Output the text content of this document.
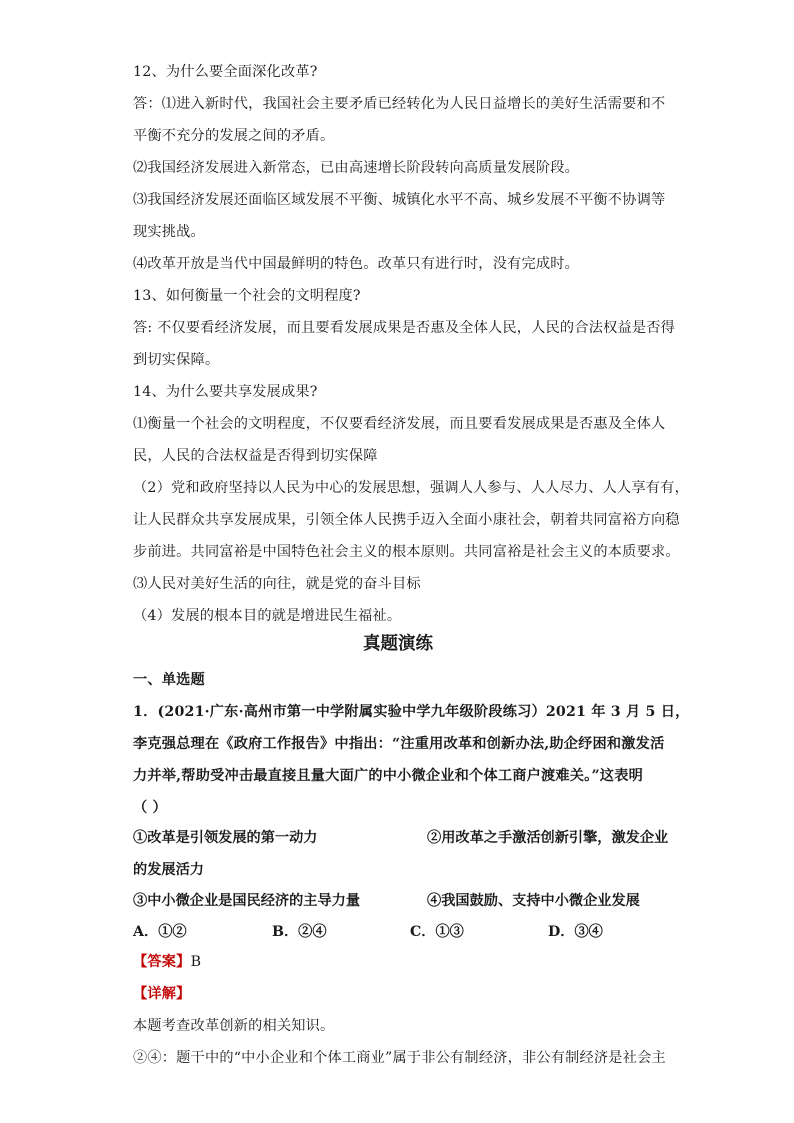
12、为什么要全面深化改革?
答：⑴进入新时代，我国社会主要矛盾已经转化为人民日益增长的美好生活需要和不
平衡不充分的发展之间的矛盾。
⑵我国经济发展进入新常态，已由高速增长阶段转向高质量发展阶段。
⑶我国经济发展还面临区域发展不平衡、城镇化水平不高、城乡发展不平衡不协调等
现实挑战。
⑷改革开放是当代中国最鲜明的特色。改革只有进行时，没有完成时。
13、如何衡量一个社会的文明程度?
答: 不仅要看经济发展，而且要看发展成果是否惠及全体人民，人民的合法权益是否得
到切实保障。
14、为什么要共享发展成果?
⑴衡量一个社会的文明程度，不仅要看经济发展，而且要看发展成果是否惠及全体人
民，人民的合法权益是否得到切实保障
（2）党和政府坚持以人民为中心的发展思想，强调人人参与、人人尽力、人人享有有，
让人民群众共享发展成果，引领全体人民携手迈入全面小康社会，朝着共同富裕方向稳
步前进。共同富裕是中国特色社会主义的根本原则。共同富裕是社会主义的本质要求。
⑶人民对美好生活的向往，就是党的奋斗目标
（4）发展的根本目的就是增进民生福祉。
真题演练
一、单选题
1．(2021·广东·高州市第一中学附属实验中学九年级阶段练习）2021 年 3 月 5 日，
李克强总理在《政府工作报告》中指出：“注重用改革和创新办法,助企纾困和激发活
力并举,帮助受冲击最直接且量大面广的中小微企业和个体工商户渡难关。”这表明
（ ）
①改革是引领发展的第一动力	②用改革之手激活创新引擎，激发企业
的发展活力
③中小微企业是国民经济的主导力量	④我国鼓励、支持中小微企业发展
A．①②	B．②④	C．①③	D．③④
【答案】B
【详解】
本题考查改革创新的相关知识。
②④：题干中的“中小企业和个体工商业”属于非公有制经济，非公有制经济是社会主
